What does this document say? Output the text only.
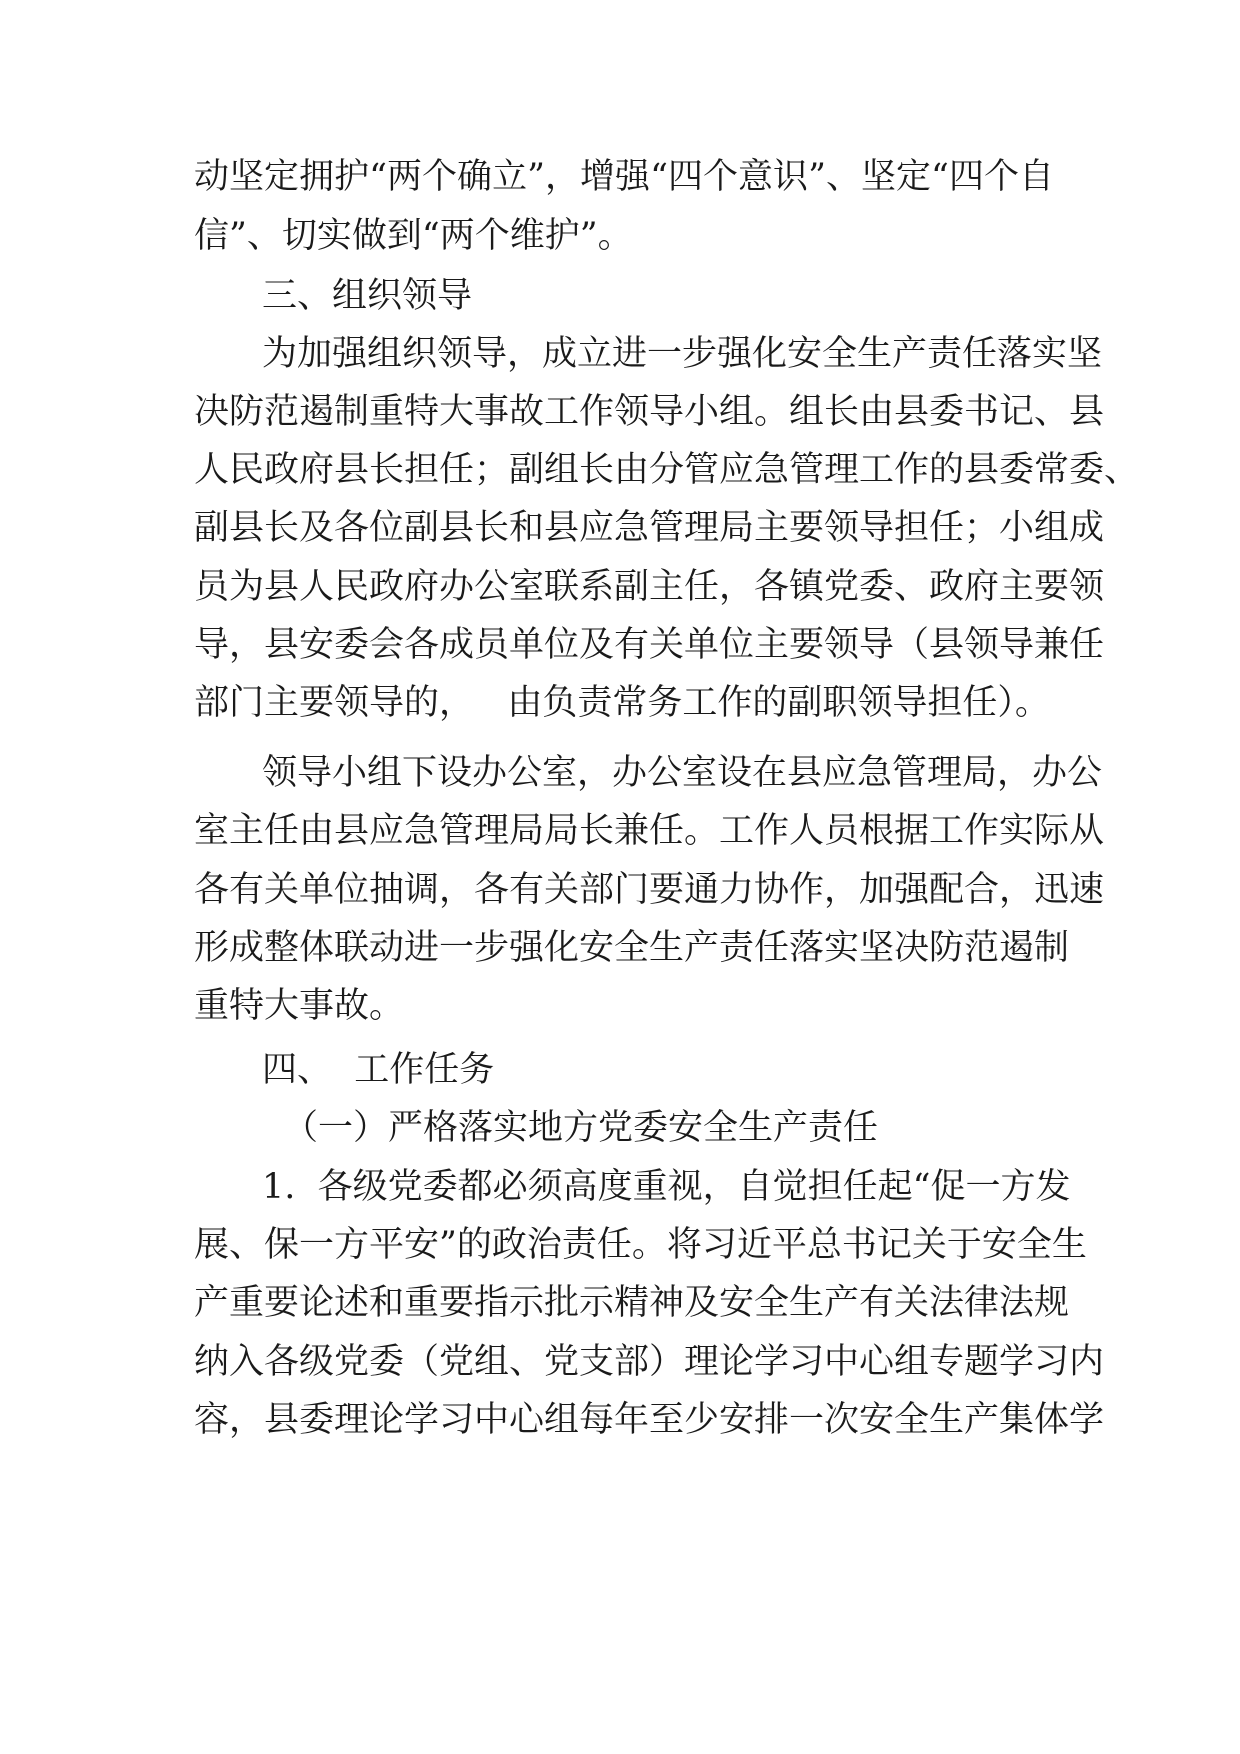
动坚定拥护“两个确立”，增强“四个意识”、坚定“四个自
信”、切实做到“两个维护”。
三、组织领导
为加强组织领导，成立进一步强化安全生产责任落实坚
决防范遏制重特大事故工作领导小组。组长由县委书记、县
人民政府县长担任；副组长由分管应急管理工作的县委常委、
副县长及各位副县长和县应急管理局主要领导担任；小组成
员为县人民政府办公室联系副主任，各镇党委、政府主要领
导，县安委会各成员单位及有关单位主要领导（县领导兼任
部门主要领导的，   由负责常务工作的副职领导担任）。
领导小组下设办公室，办公室设在县应急管理局，办公
室主任由县应急管理局局长兼任。工作人员根据工作实际从
各有关单位抽调，各有关部门要通力协作，加强配合，迅速
形成整体联动进一步强化安全生产责任落实坚决防范遏制
重特大事故。
四、  工作任务
（一）严格落实地方党委安全生产责任
1.  各级党委都必须高度重视，自觉担任起“促一方发
展、保一方平安”的政治责任。将习近平总书记关于安全生
产重要论述和重要指示批示精神及安全生产有关法律法规
纳入各级党委（党组、党支部）理论学习中心组专题学习内
容，县委理论学习中心组每年至少安排一次安全生产集体学
